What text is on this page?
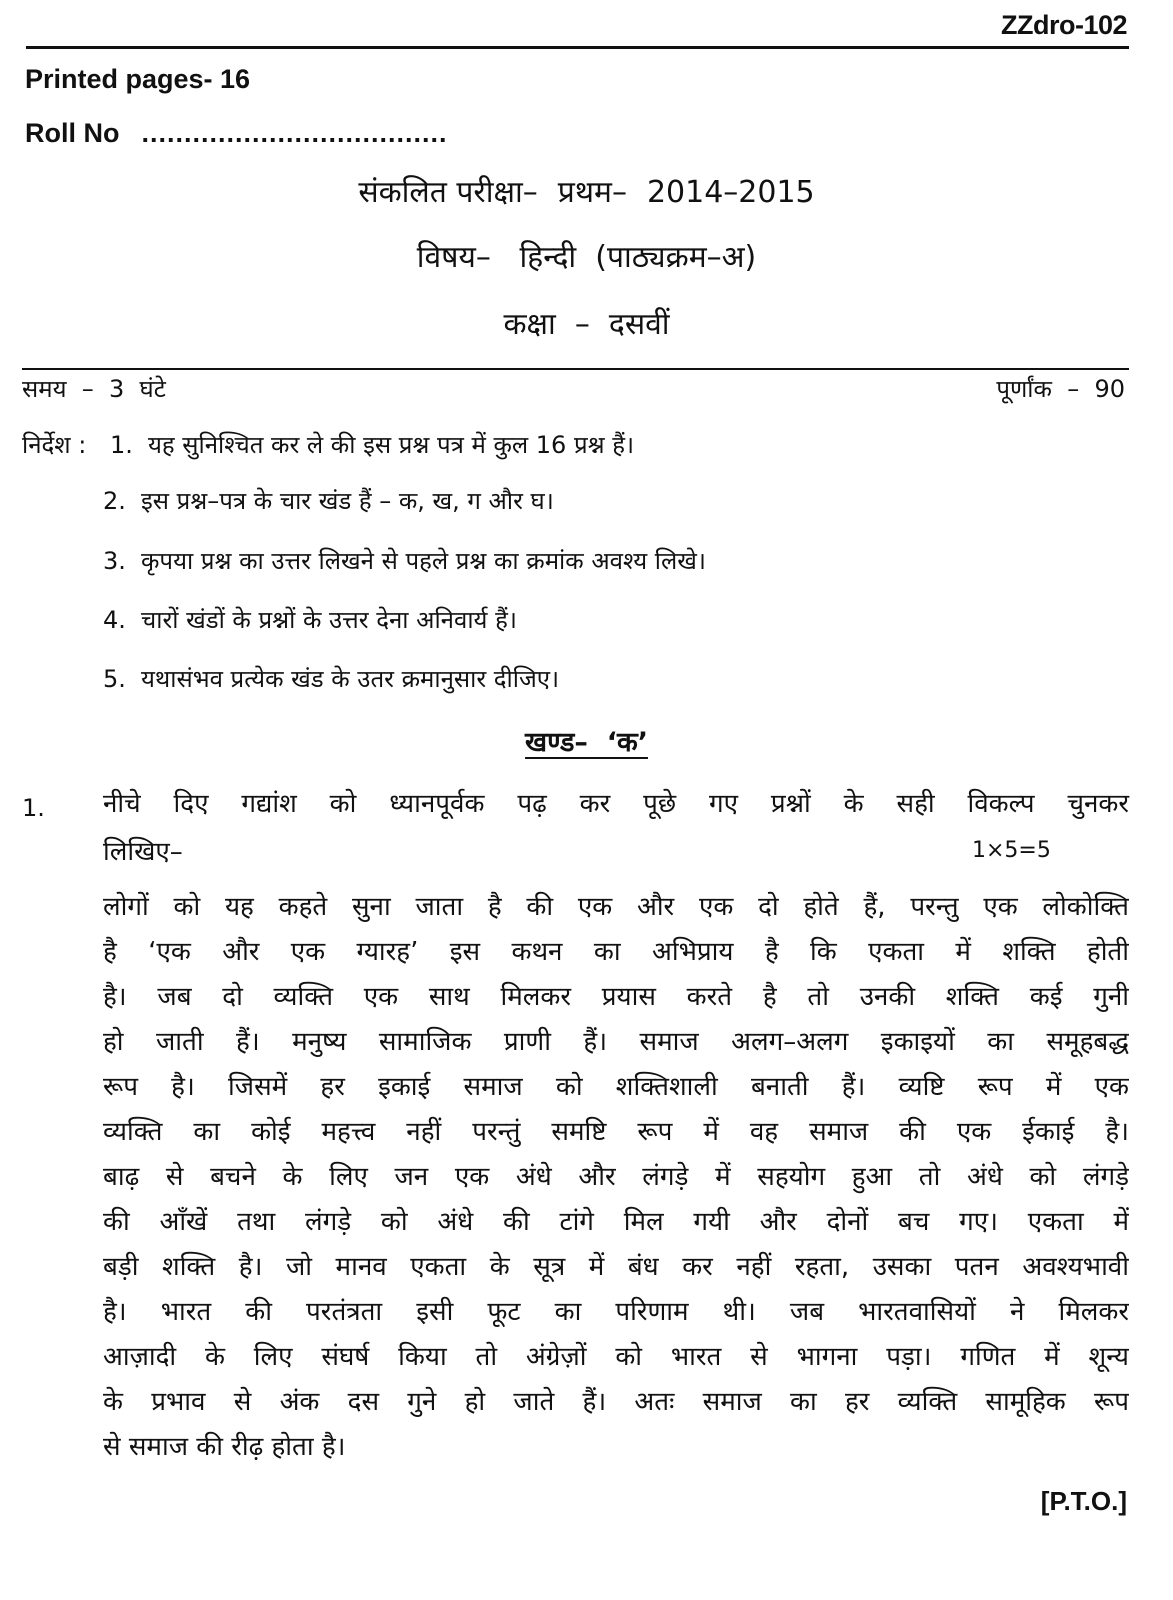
ZZdro-102
Printed pages- 16
Roll No ....................................
संकलित परीक्षा– प्रथम– 2014–2015
विषय–   हिन्दी  (पाठ्यक्रम–अ)
कक्षा  –  दसवीं
समय  –  3  घंटे	पूर्णांक  –  90
निर्देश : 1. यह सुनिश्चित कर ले की इस प्रश्न पत्र में कुल 16 प्रश्न हैं।
2. इस प्रश्न–पत्र के चार खंड हैं – क, ख, ग और घ।
3. कृपया प्रश्न का उत्तर लिखने से पहले प्रश्न का क्रमांक अवश्य लिखे।
4. चारों खंडों के प्रश्नों के उत्तर देना अनिवार्य हैं।
5. यथासंभव प्रत्येक खंड के उतर क्रमानुसार दीजिए।
खण्ड–  ‘क’
1. नीचे दिए गद्यांश को ध्यानपूर्वक पढ़ कर पूछे गए प्रश्नों के सही विकल्प चुनकर
लिखिए–	1×5=5
लोगों को यह कहते सुना जाता है की एक और एक दो होते हैं, परन्तु एक लोकोक्ति
है ‘एक और एक ग्यारह’ इस कथन का अभिप्राय है कि एकता में शक्ति होती
है। जब दो व्यक्ति एक साथ मिलकर प्रयास करते है तो उनकी शक्ति कई गुनी
हो जाती हैं। मनुष्य सामाजिक प्राणी हैं। समाज अलग–अलग इकाइयों का समूहबद्ध
रूप है। जिसमें हर इकाई समाज को शक्तिशाली बनाती हैं। व्यष्टि रूप में एक
व्यक्ति का कोई महत्त्व नहीं परन्तुं समष्टि रूप में वह समाज की एक ईकाई है।
बाढ़ से बचने के लिए जन एक अंधे और लंगड़े में सहयोग हुआ तो अंधे को लंगड़े
की आँखें तथा लंगड़े को अंधे की टांगे मिल गयी और दोनों बच गए। एकता में
बड़ी शक्ति है। जो मानव एकता के सूत्र में बंध कर नहीं रहता, उसका पतन अवश्यभावी
है। भारत की परतंत्रता इसी फूट का परिणाम थी। जब भारतवासियों ने मिलकर
आज़ादी के लिए संघर्ष किया तो अंग्रेज़ों को भारत से भागना पड़ा। गणित में शून्य
के प्रभाव से अंक दस गुने हो जाते हैं। अतः समाज का हर व्यक्ति सामूहिक रूप
से समाज की रीढ़ होता है।
[P.T.O.]
